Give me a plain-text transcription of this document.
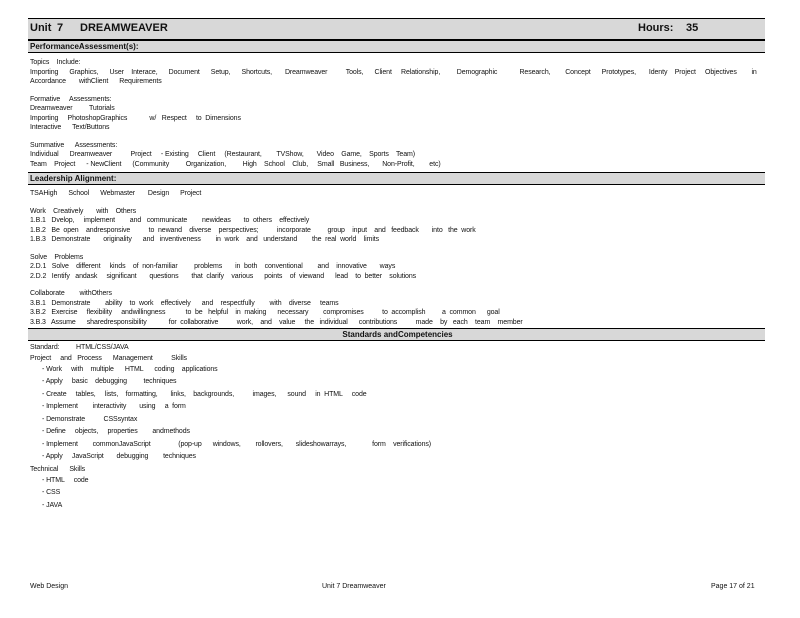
Unit 7 DREAMWEAVER	Hours: 35
PerformanceAssessment(s):
Topics    Include:
Importing      Graphics,      User    Interace,      Document      Setup,      Shortcuts,       Dreamweaver          Tools,      Client     Relationship,         Demographic            Research,        Concept      Prototypes,       Identy    Project     Objectives        in
Accordance       withClient      Requirements
Formative     Assessments:
Dreamweaver         Tutorials
Importing     PhotoshopGraphics            w/   Respect     to  Dimensions
Interactive      Text/Buttons
Summative      Assessments:
Individual      Dreamweaver          Project     - Existing     Client     (Restaurant,        TVShow,       Video    Game,    Sports    Team)
Team    Project      - NewClient      (Community         Organization,         High    School    Club,     Small   Business,       Non-Profit,        etc)
Leadership Alignment:
TSAHigh      School      Webmaster       Design      Project
Work    Creatively       with    Others
1.B.1   Dvelop,     implement        and   communicate        newideas       to  others    effectively
1.B.2   Be  open    andresponsive          to  newand    diverse    perspectives;          incorporate         group    input    and   feedback       into   the  work
1.B.3   Demonstrate       originality      and   inventiveness        in  work    and   understand        the  real  world    limits
Solve    Problems
2.D.1   Solve    different     kinds    of  non-familiar         problems       in  both    conventional        and    innovative       ways
2.D.2   Ientify   andask     significant       questions       that  clarify    various      points    of  viewand      lead    to  better    solutions
Collaborate        withOthers
3.B.1   Demonstrate        ability    to  work    effectively      and    respectfully        with    diverse     teams
3.B.2   Exercise     flexibility     andwillingness           to  be   helpful    in  making      necessary        compromises          to  accomplish         a  common      goal
3.B.3   Assume      sharedresponsibility            for  collaborative          work,    and    value     the   individual      contributions          made    by   each    team    member
Standards andCompetencies
Standard:         HTML/CSS/JAVA
Project     and   Process      Management          Skills
- Work     with    multiple      HTML      coding    applications
- Apply     basic    debugging         techniques
- Create     tables,     lists,    formatting,       links,    backgrounds,          images,      sound     in  HTML     code
- Implement        interactivity       using     a  form
- Demonstrate          CSSsyntax
- Define     objects,     properties        andmethods
- Implement        commonJavaScript               (pop-up      windows,        rollovers,       slideshowarrays,              form    verifications)
- Apply     JavaScript       debugging        techniques
Technical      Skills
- HTML     code
- CSS
- JAVA
Web Design	Unit 7 Dreamweaver	Page 17 of 21
